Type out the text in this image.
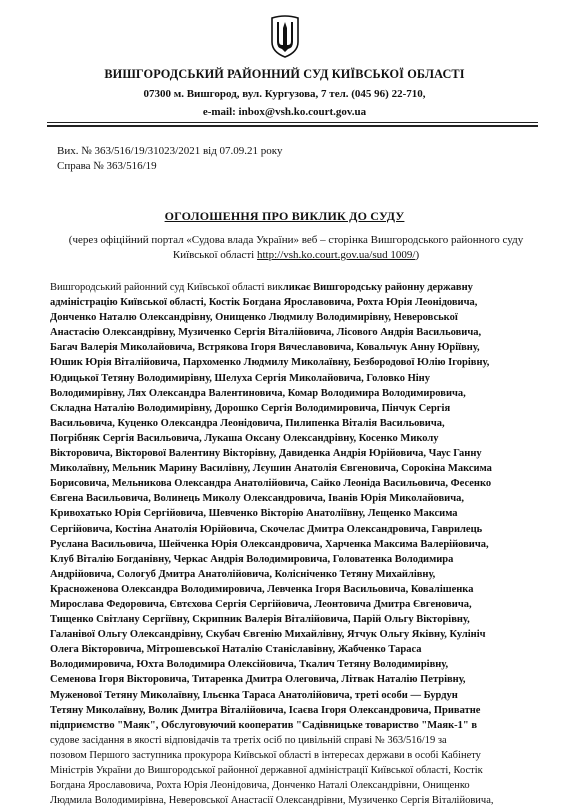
ВИШГОРОДСЬКИЙ РАЙОННИЙ СУД КИЇВСЬКОЇ ОБЛАСТІ
07300 м. Вишгород, вул. Кургузова, 7 тел. (045 96) 22-710,
e-mail: inbox@vsh.ko.court.gov.ua
Вих. № 363/516/19/31023/2021 від 07.09.21 року
Справа № 363/516/19
ОГОЛОШЕННЯ ПРО ВИКЛИК ДО СУДУ
(через офіційний портал «Судова влада України» веб – сторінка Вишгородського районного суду
Київської області http://vsh.ko.court.gov.ua/sud 1009/)
Вишгородський районний суд Київської області викликає Вишгородську районну державну
адміністрацію Київської області, Костік Богдана Ярославовича, Рохта Юрія Леонідовича,
Донченко Наталю Олександрівну, Онищенко Людмилу Володимирівну, Неверовської
Анастасію Олександрівну, Музиченко Сергія Віталійовича, Лісового Андрія Васильовича,
Багач Валерія Миколайовича, Встрякова Ігоря Вячеславовича, Ковальчук Анну Юріївну,
Юшик Юрія Віталійовича, Пархоменко Людмилу Миколаївну, Безбородової Юлію Ігорівну,
Юдицької Тетяну Володимирівну, Шелуха Сергія Миколайовича, Головко Ніну
Володимирівну, Лях Олександра Валентиновича, Комар Володимира Володимировича,
Складна Наталію Володимирівну, Дорошко Сергія Володимировича, Пінчук Сергія
Васильовича, Куценко Олександра Леонідовича, Пилипенка Віталія Васильовича,
Погрібняк Сергія Васильовича, Лукаша Оксану Олександрівну, Косенко Миколу
Вікторовича, Вікторової Валентину Вікторівну, Давиденка Андрія Юрійовича, Чаус Ганну
Миколаївну, Мельник Марину Василівну, Лєушин Анатолія Євгеновича, Сорокіна Максима
Борисовича, Мельникова Олександра Анатолійовича, Сайко Леоніда Васильовича, Фесенко
Євгена Васильовича, Волинець Миколу Олександровича, Іванів Юрія Миколайовича,
Кривохатько Юрія Сергійовича, Шевченко Вікторію Анатоліївну, Лещенко Максима
Сергійовича, Костіна Анатолія Юрійовича, Скочелас Дмитра Олександровича, Гаврилець
Руслана Васильовича, Шейченка Юрія Олександровича, Харченка Максима Валерійовича,
Клуб Віталію Богданівну, Черкас Андрія Володимировича, Головатенка Володимира
Андрійовича, Сологуб Дмитра Анатолійовича, Колісніченко Тетяну Михайлівну,
Красноженова Олександра Володимировича, Левченка Ігоря Васильовича, Ковалішенка
Мирослава Федоровича, Євтєхова Сергія Сергійовича, Леонтовича Дмитра Євгеновича,
Тищенко Світлану Сергіївну, Скрипник Валерія Віталійовича, Парій Ольгу Вікторівну,
Галанівої Ольгу Олександрівну, Скубач Євгенію Михайлівну, Ятчук Ольгу Яківну, Кулініч
Олега Вікторовича, Мітрошевської Наталію Станіславівну, Жабченко Тараса
Володимировича, Юхта Володимира Олексійовича, Ткалич Тетяну Володимирівну,
Семенова Ігоря Вікторовича, Титаренка Дмитра Олеговича, Літвак Наталію Петрівну,
Муженової Тетяну Миколаївну, Ільєнка Тараса Анатолійовича, треті особи — Бурдун
Тетяну Миколаївну, Волик Дмитра Віталійовича, Ісаєва Ігоря Олександровича, Приватне
підприємство "Маяк", Обслуговуючий кооператив "Садівницьке товариство "Маяк-1" в
судове засідання в якості відповідачів та третіх осіб по цивільній справі № 363/516/19 за
позовом Першого заступника прокурора Київської області в інтересах держави в особі Кабінету
Міністрів України до Вишгородської районної державної адміністрації Київської області, Костік
Богдана Ярославовича, Рохта Юрія Леонідовича, Донченко Наталі Олександрівни, Онищенко
Людмила Володимирівна, Неверовської Анастасії Олександрівни, Музиченко Сергія Віталійовича,
